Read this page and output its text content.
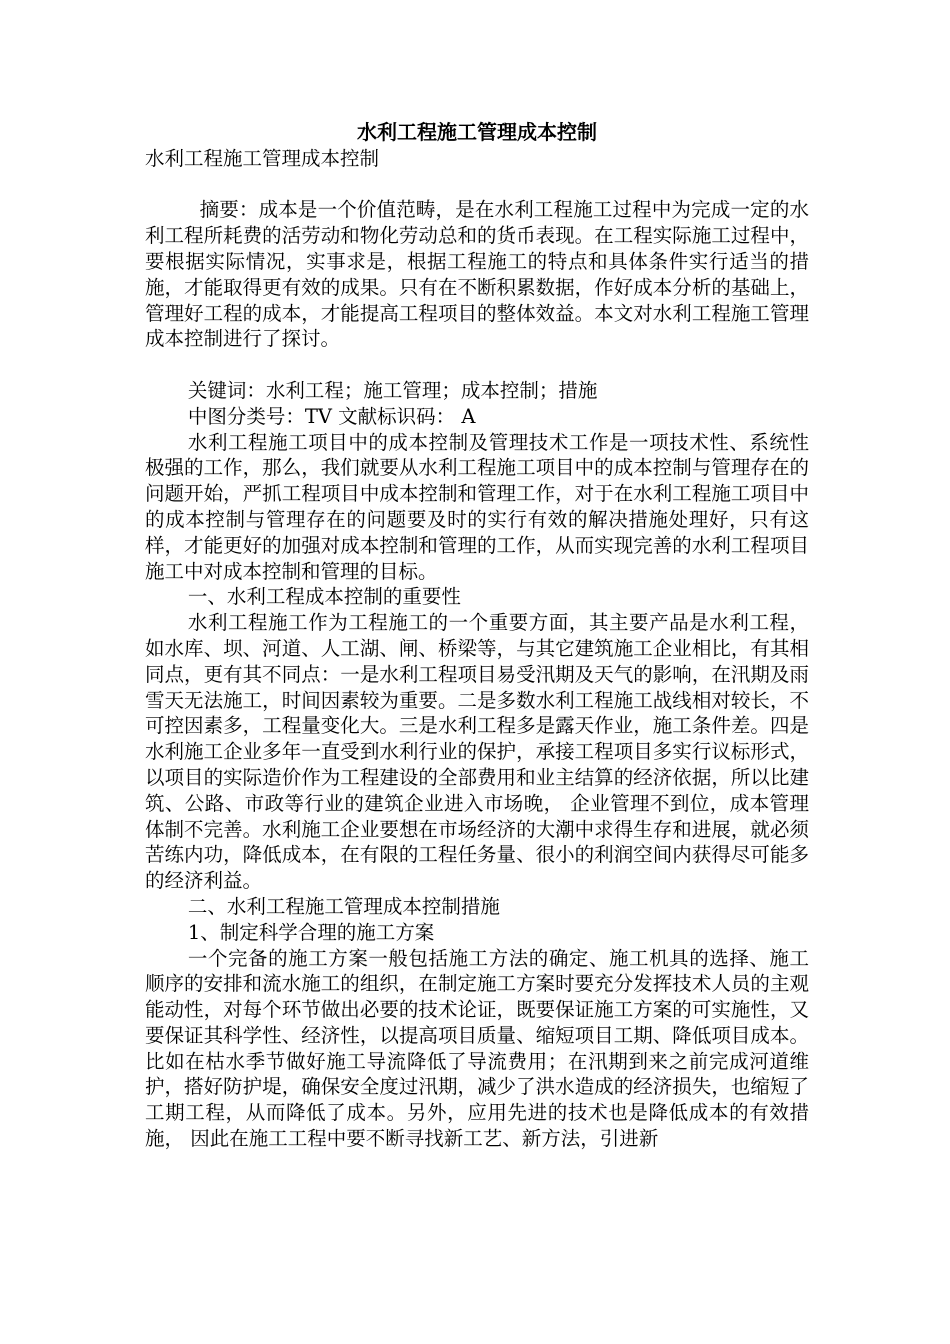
水利工程施工管理成本控制

水利工程施工管理成本控制

摘要：成本是一个价值范畴，是在水利工程施工过程中为完成一定的水利工程所耗费的活劳动和物化劳动总和的货币表现。在工程实际施工过程中，要根据实际情况，实事求是，根据工程施工的特点和具体条件实行适当的措施，才能取得更有效的成果。只有在不断积累数据，作好成本分析的基础上，管理好工程的成本，才能提高工程项目的整体效益。本文对水利工程施工管理成本控制进行了探讨。

关键词：水利工程；施工管理；成本控制；措施

中图分类号：TV 文献标识码： A

水利工程施工项目中的成本控制及管理技术工作是一项技术性、系统性极强的工作，那么，我们就要从水利工程施工项目中的成本控制与管理存在的问题开始，严抓工程项目中成本控制和管理工作，对于在水利工程施工项目中的成本控制与管理存在的问题要及时的实行有效的解决措施处理好，只有这样，才能更好的加强对成本控制和管理的工作，从而实现完善的水利工程项目施工中对成本控制和管理的目标。

一、水利工程成本控制的重要性

水利工程施工作为工程施工的一个重要方面，其主要产品是水利工程，如水库、坝、河道、人工湖、闸、桥梁等，与其它建筑施工企业相比，有其相同点，更有其不同点：一是水利工程项目易受汛期及天气的影响，在汛期及雨雪天无法施工，时间因素较为重要。二是多数水利工程施工战线相对较长，不可控因素多，工程量变化大。三是水利工程多是露天作业，施工条件差。四是水利施工企业多年一直受到水利行业的保护，承接工程项目多实行议标形式，以项目的实际造价作为工程建设的全部费用和业主结算的经济依据，所以比建筑、公路、市政等行业的建筑企业进入市场晚， 企业管理不到位，成本管理体制不完善。水利施工企业要想在市场经济的大潮中求得生存和进展，就必须苦练内功，降低成本，在有限的工程任务量、很小的利润空间内获得尽可能多的经济利益。

二、水利工程施工管理成本控制措施

1、制定科学合理的施工方案

一个完备的施工方案一般包括施工方法的确定、施工机具的选择、施工顺序的安排和流水施工的组织，在制定施工方案时要充分发挥技术人员的主观能动性，对每个环节做出必要的技术论证，既要保证施工方案的可实施性，又要保证其科学性、经济性，以提高项目质量、缩短项目工期、降低项目成本。比如在枯水季节做好施工导流降低了导流费用；在汛期到来之前完成河道维护，搭好防护堤，确保安全度过汛期，减少了洪水造成的经济损失，也缩短了工期工程，从而降低了成本。另外，应用先进的技术也是降低成本的有效措施， 因此在施工工程中要不断寻找新工艺、新方法，引进新
